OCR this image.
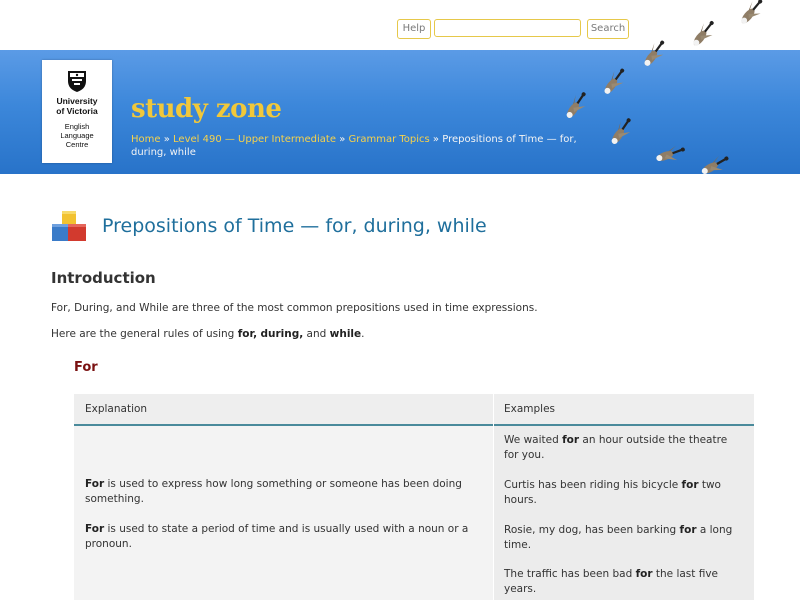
Help	Search
University
of Victoria
English
Language
Centre
study zone
Home » Level 490 — Upper Intermediate » Grammar Topics » Prepositions of Time — for, during, while
Prepositions of Time — for, during, while
Introduction
For, During, and While are three of the most common prepositions used in time expressions.
Here are the general rules of using for, during, and while.
For
Explanation	Examples
For is used to express how long something or someone has been doing something.
For is used to state a period of time and is usually used with a noun or a pronoun.
We waited for an hour outside the theatre for you.
Curtis has been riding his bicycle for two hours.
Rosie, my dog, has been barking for a long time.
The traffic has been bad for the last five years.
